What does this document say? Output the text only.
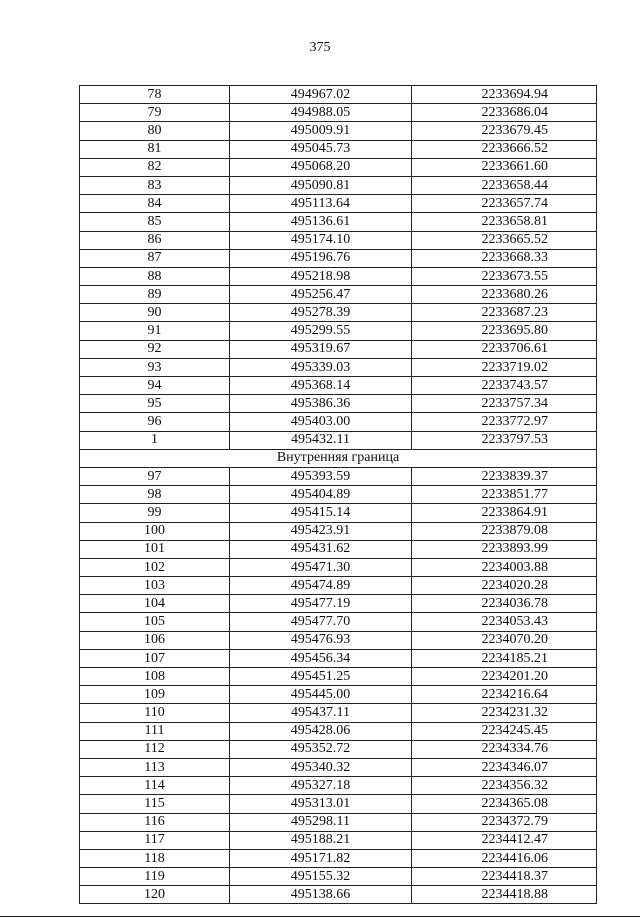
375
78	494967.02	2233694.94
79	494988.05	2233686.04
80	495009.91	2233679.45
81	495045.73	2233666.52
82	495068.20	2233661.60
83	495090.81	2233658.44
84	495113.64	2233657.74
85	495136.61	2233658.81
86	495174.10	2233665.52
87	495196.76	2233668.33
88	495218.98	2233673.55
89	495256.47	2233680.26
90	495278.39	2233687.23
91	495299.55	2233695.80
92	495319.67	2233706.61
93	495339.03	2233719.02
94	495368.14	2233743.57
95	495386.36	2233757.34
96	495403.00	2233772.97
1	495432.11	2233797.53
Внутренняя граница		
97	495393.59	2233839.37
98	495404.89	2233851.77
99	495415.14	2233864.91
100	495423.91	2233879.08
101	495431.62	2233893.99
102	495471.30	2234003.88
103	495474.89	2234020.28
104	495477.19	2234036.78
105	495477.70	2234053.43
106	495476.93	2234070.20
107	495456.34	2234185.21
108	495451.25	2234201.20
109	495445.00	2234216.64
110	495437.11	2234231.32
111	495428.06	2234245.45
112	495352.72	2234334.76
113	495340.32	2234346.07
114	495327.18	2234356.32
115	495313.01	2234365.08
116	495298.11	2234372.79
117	495188.21	2234412.47
118	495171.82	2234416.06
119	495155.32	2234418.37
120	495138.66	2234418.88
